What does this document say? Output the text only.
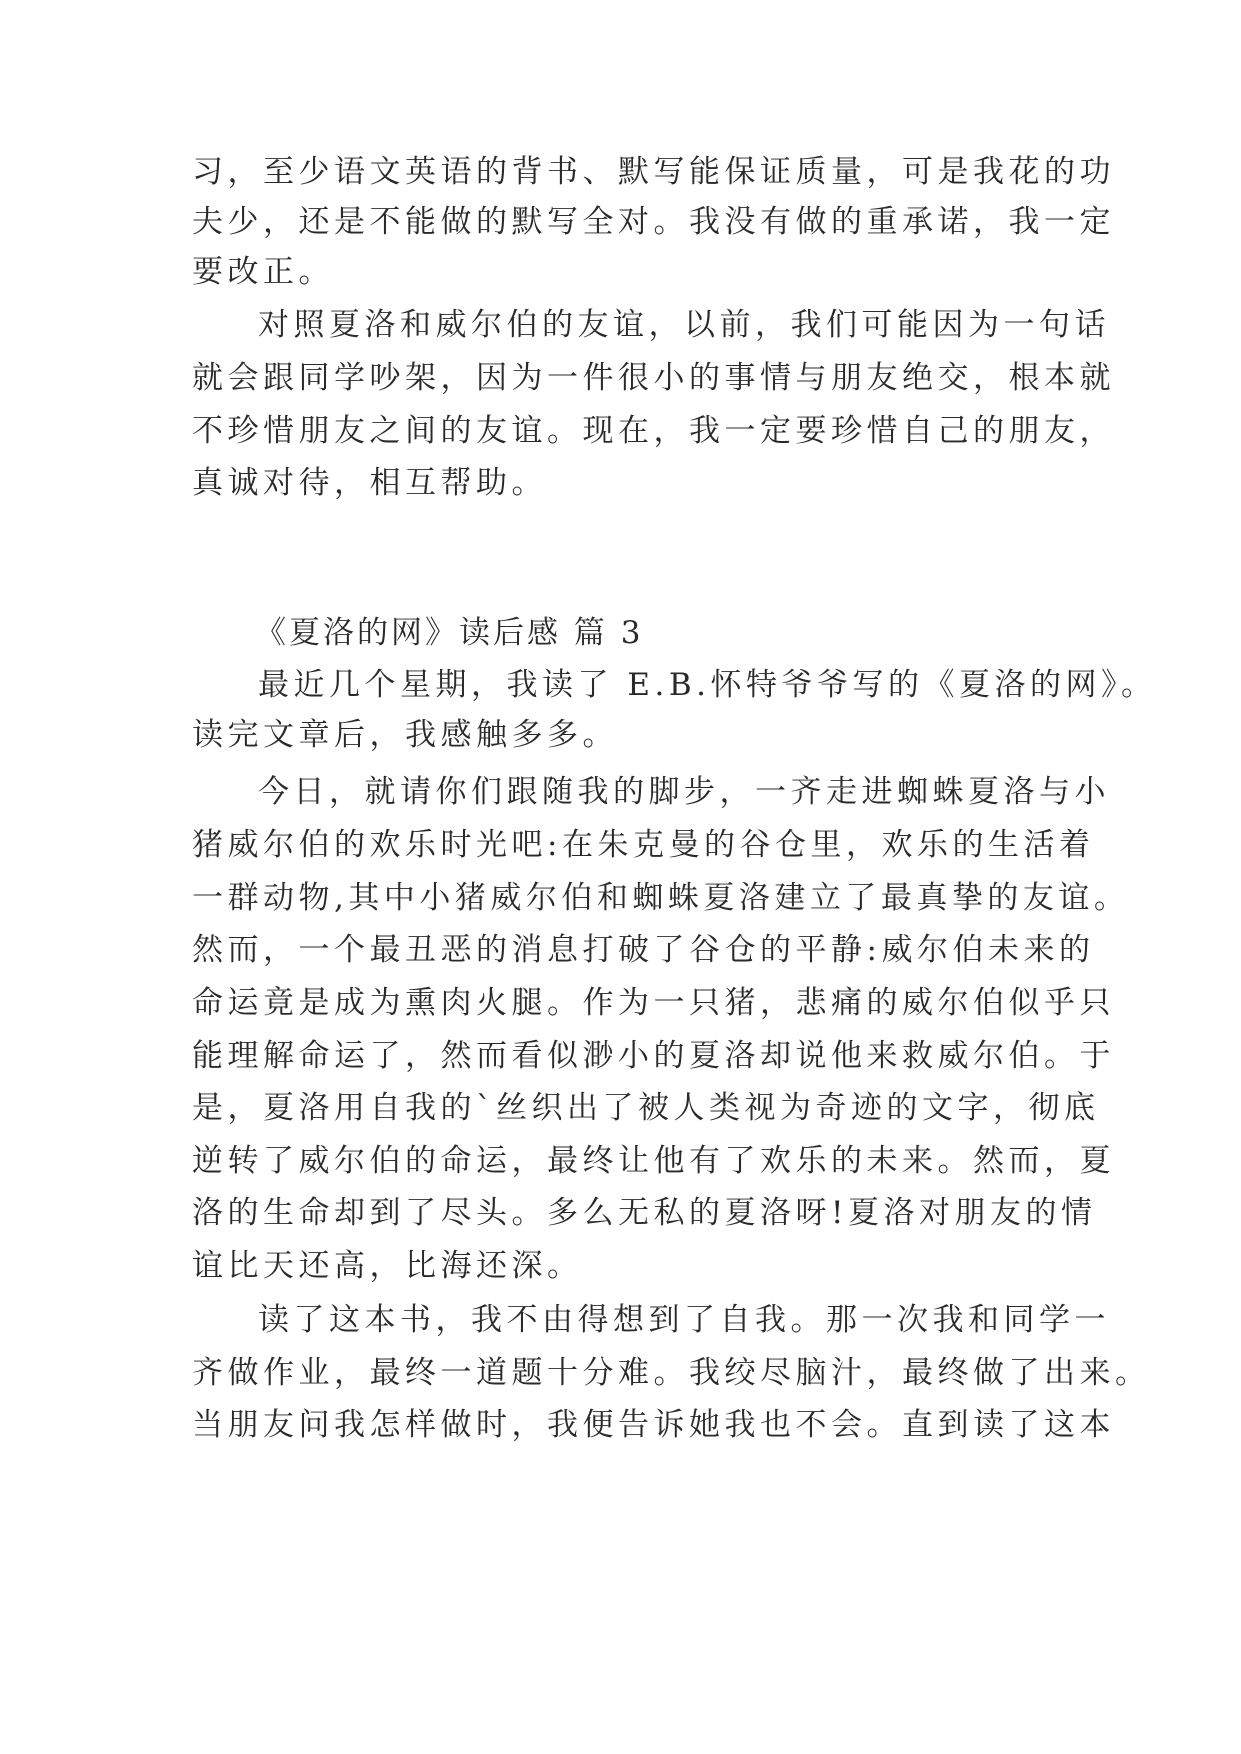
习，至少语文英语的背书、默写能保证质量，可是我花的功
夫少，还是不能做的默写全对。我没有做的重承诺，我一定
要改正。
对照夏洛和威尔伯的友谊，以前，我们可能因为一句话
就会跟同学吵架，因为一件很小的事情与朋友绝交，根本就
不珍惜朋友之间的友谊。现在，我一定要珍惜自己的朋友，
真诚对待，相互帮助。
《夏洛的网》读后感 篇 3
最近几个星期，我读了 E.B.怀特爷爷写的《夏洛的网》。
读完文章后，我感触多多。
今日，就请你们跟随我的脚步，一齐走进蜘蛛夏洛与小
猪威尔伯的欢乐时光吧:在朱克曼的谷仓里，欢乐的生活着
一群动物,其中小猪威尔伯和蜘蛛夏洛建立了最真挚的友谊。
然而，一个最丑恶的消息打破了谷仓的平静:威尔伯未来的
命运竟是成为熏肉火腿。作为一只猪，悲痛的威尔伯似乎只
能理解命运了，然而看似渺小的夏洛却说他来救威尔伯。于
是，夏洛用自我的`丝织出了被人类视为奇迹的文字，彻底
逆转了威尔伯的命运，最终让他有了欢乐的未来。然而，夏
洛的生命却到了尽头。多么无私的夏洛呀!夏洛对朋友的情
谊比天还高，比海还深。
读了这本书，我不由得想到了自我。那一次我和同学一
齐做作业，最终一道题十分难。我绞尽脑汁，最终做了出来。
当朋友问我怎样做时，我便告诉她我也不会。直到读了这本
